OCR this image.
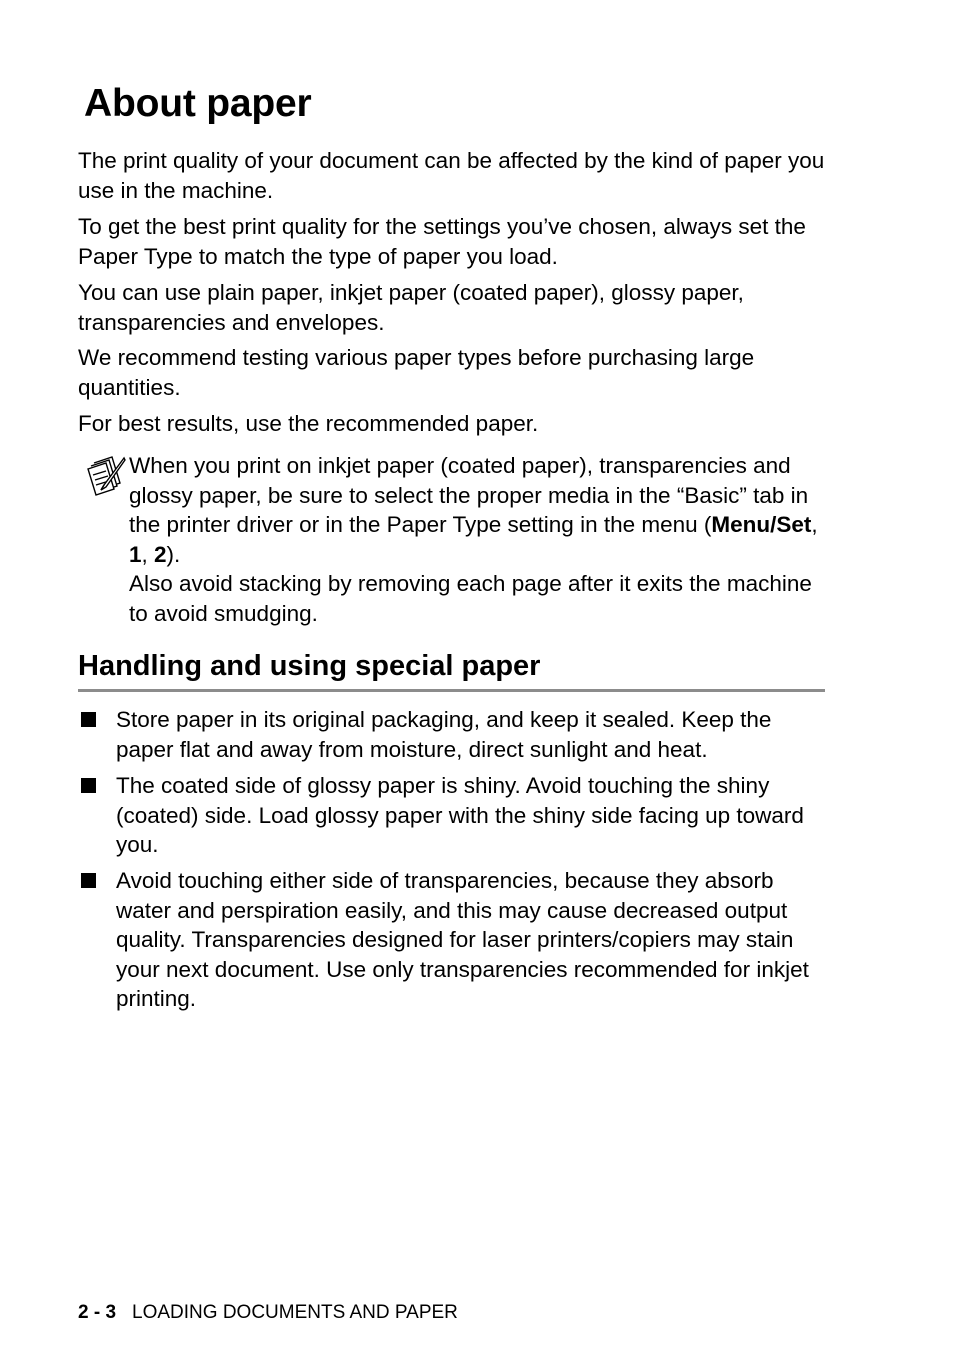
About paper

The print quality of your document can be affected by the kind of paper you use in the machine.

To get the best print quality for the settings you’ve chosen, always set the Paper Type to match the type of paper you load.

You can use plain paper, inkjet paper (coated paper), glossy paper, transparencies and envelopes.

We recommend testing various paper types before purchasing large quantities.

For best results, use the recommended paper.

When you print on inkjet paper (coated paper), transparencies and glossy paper, be sure to select the proper media in the “Basic” tab in the printer driver or in the Paper Type setting in the menu (Menu/Set, 1, 2).

Also avoid stacking by removing each page after it exits the machine to avoid smudging.

Handling and using special paper

Store paper in its original packaging, and keep it sealed. Keep the paper flat and away from moisture, direct sunlight and heat.

The coated side of glossy paper is shiny. Avoid touching the shiny (coated) side. Load glossy paper with the shiny side facing up toward you.

Avoid touching either side of transparencies, because they absorb water and perspiration easily, and this may cause decreased output quality. Transparencies designed for laser printers/copiers may stain your next document. Use only transparencies recommended for inkjet printing.

2 - 3 LOADING DOCUMENTS AND PAPER
